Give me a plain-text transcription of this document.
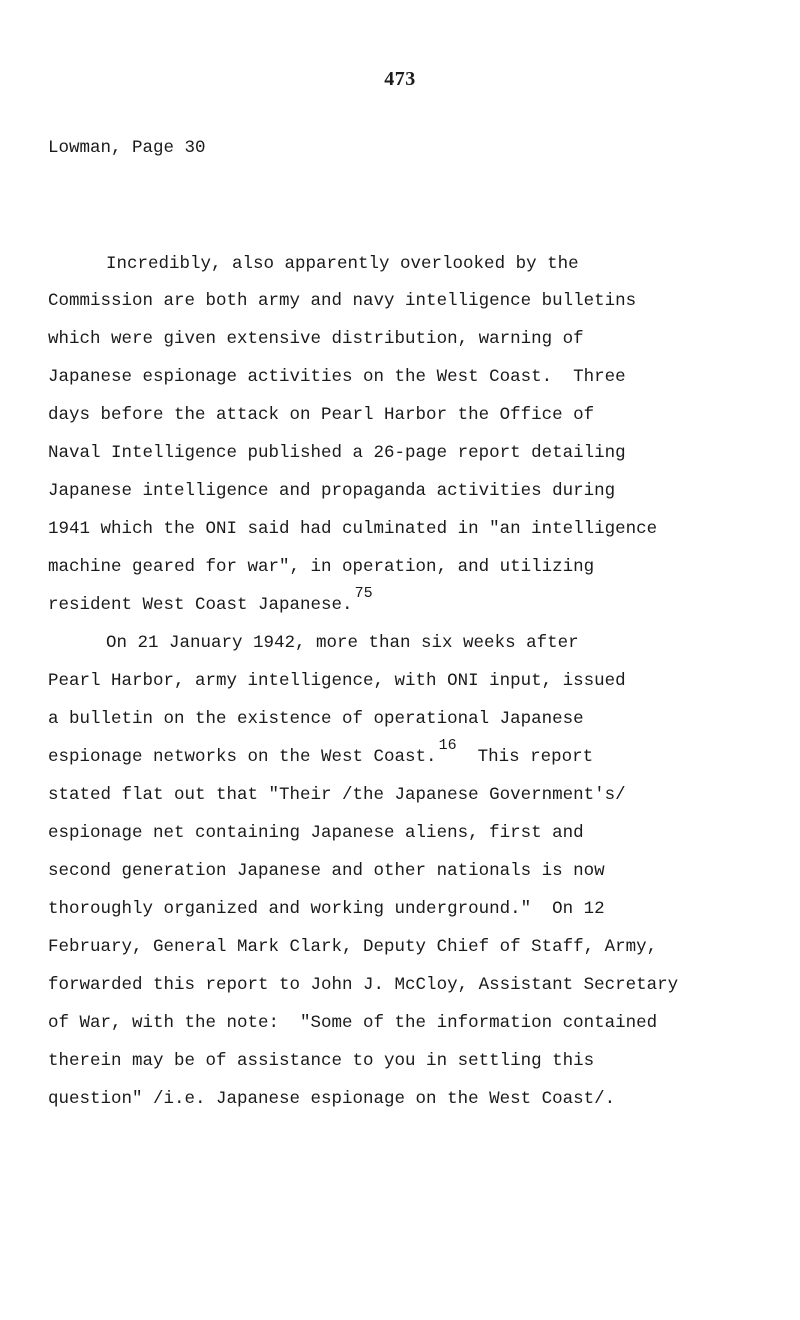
473
Lowman, Page 30
Incredibly, also apparently overlooked by the
Commission are both army and navy intelligence bulletins
which were given extensive distribution, warning of
Japanese espionage activities on the West Coast.  Three
days before the attack on Pearl Harbor the Office of
Naval Intelligence published a 26-page report detailing
Japanese intelligence and propaganda activities during
1941 which the ONI said had culminated in "an intelligence
machine geared for war", in operation, and utilizing
resident West Coast Japanese.75
On 21 January 1942, more than six weeks after
Pearl Harbor, army intelligence, with ONI input, issued
a bulletin on the existence of operational Japanese
espionage networks on the West Coast.16  This report
stated flat out that "Their /the Japanese Government's/
espionage net containing Japanese aliens, first and
second generation Japanese and other nationals is now
thoroughly organized and working underground."  On 12
February, General Mark Clark, Deputy Chief of Staff, Army,
forwarded this report to John J. McCloy, Assistant Secretary
of War, with the note:  "Some of the information contained
therein may be of assistance to you in settling this
question" /i.e. Japanese espionage on the West Coast/.
